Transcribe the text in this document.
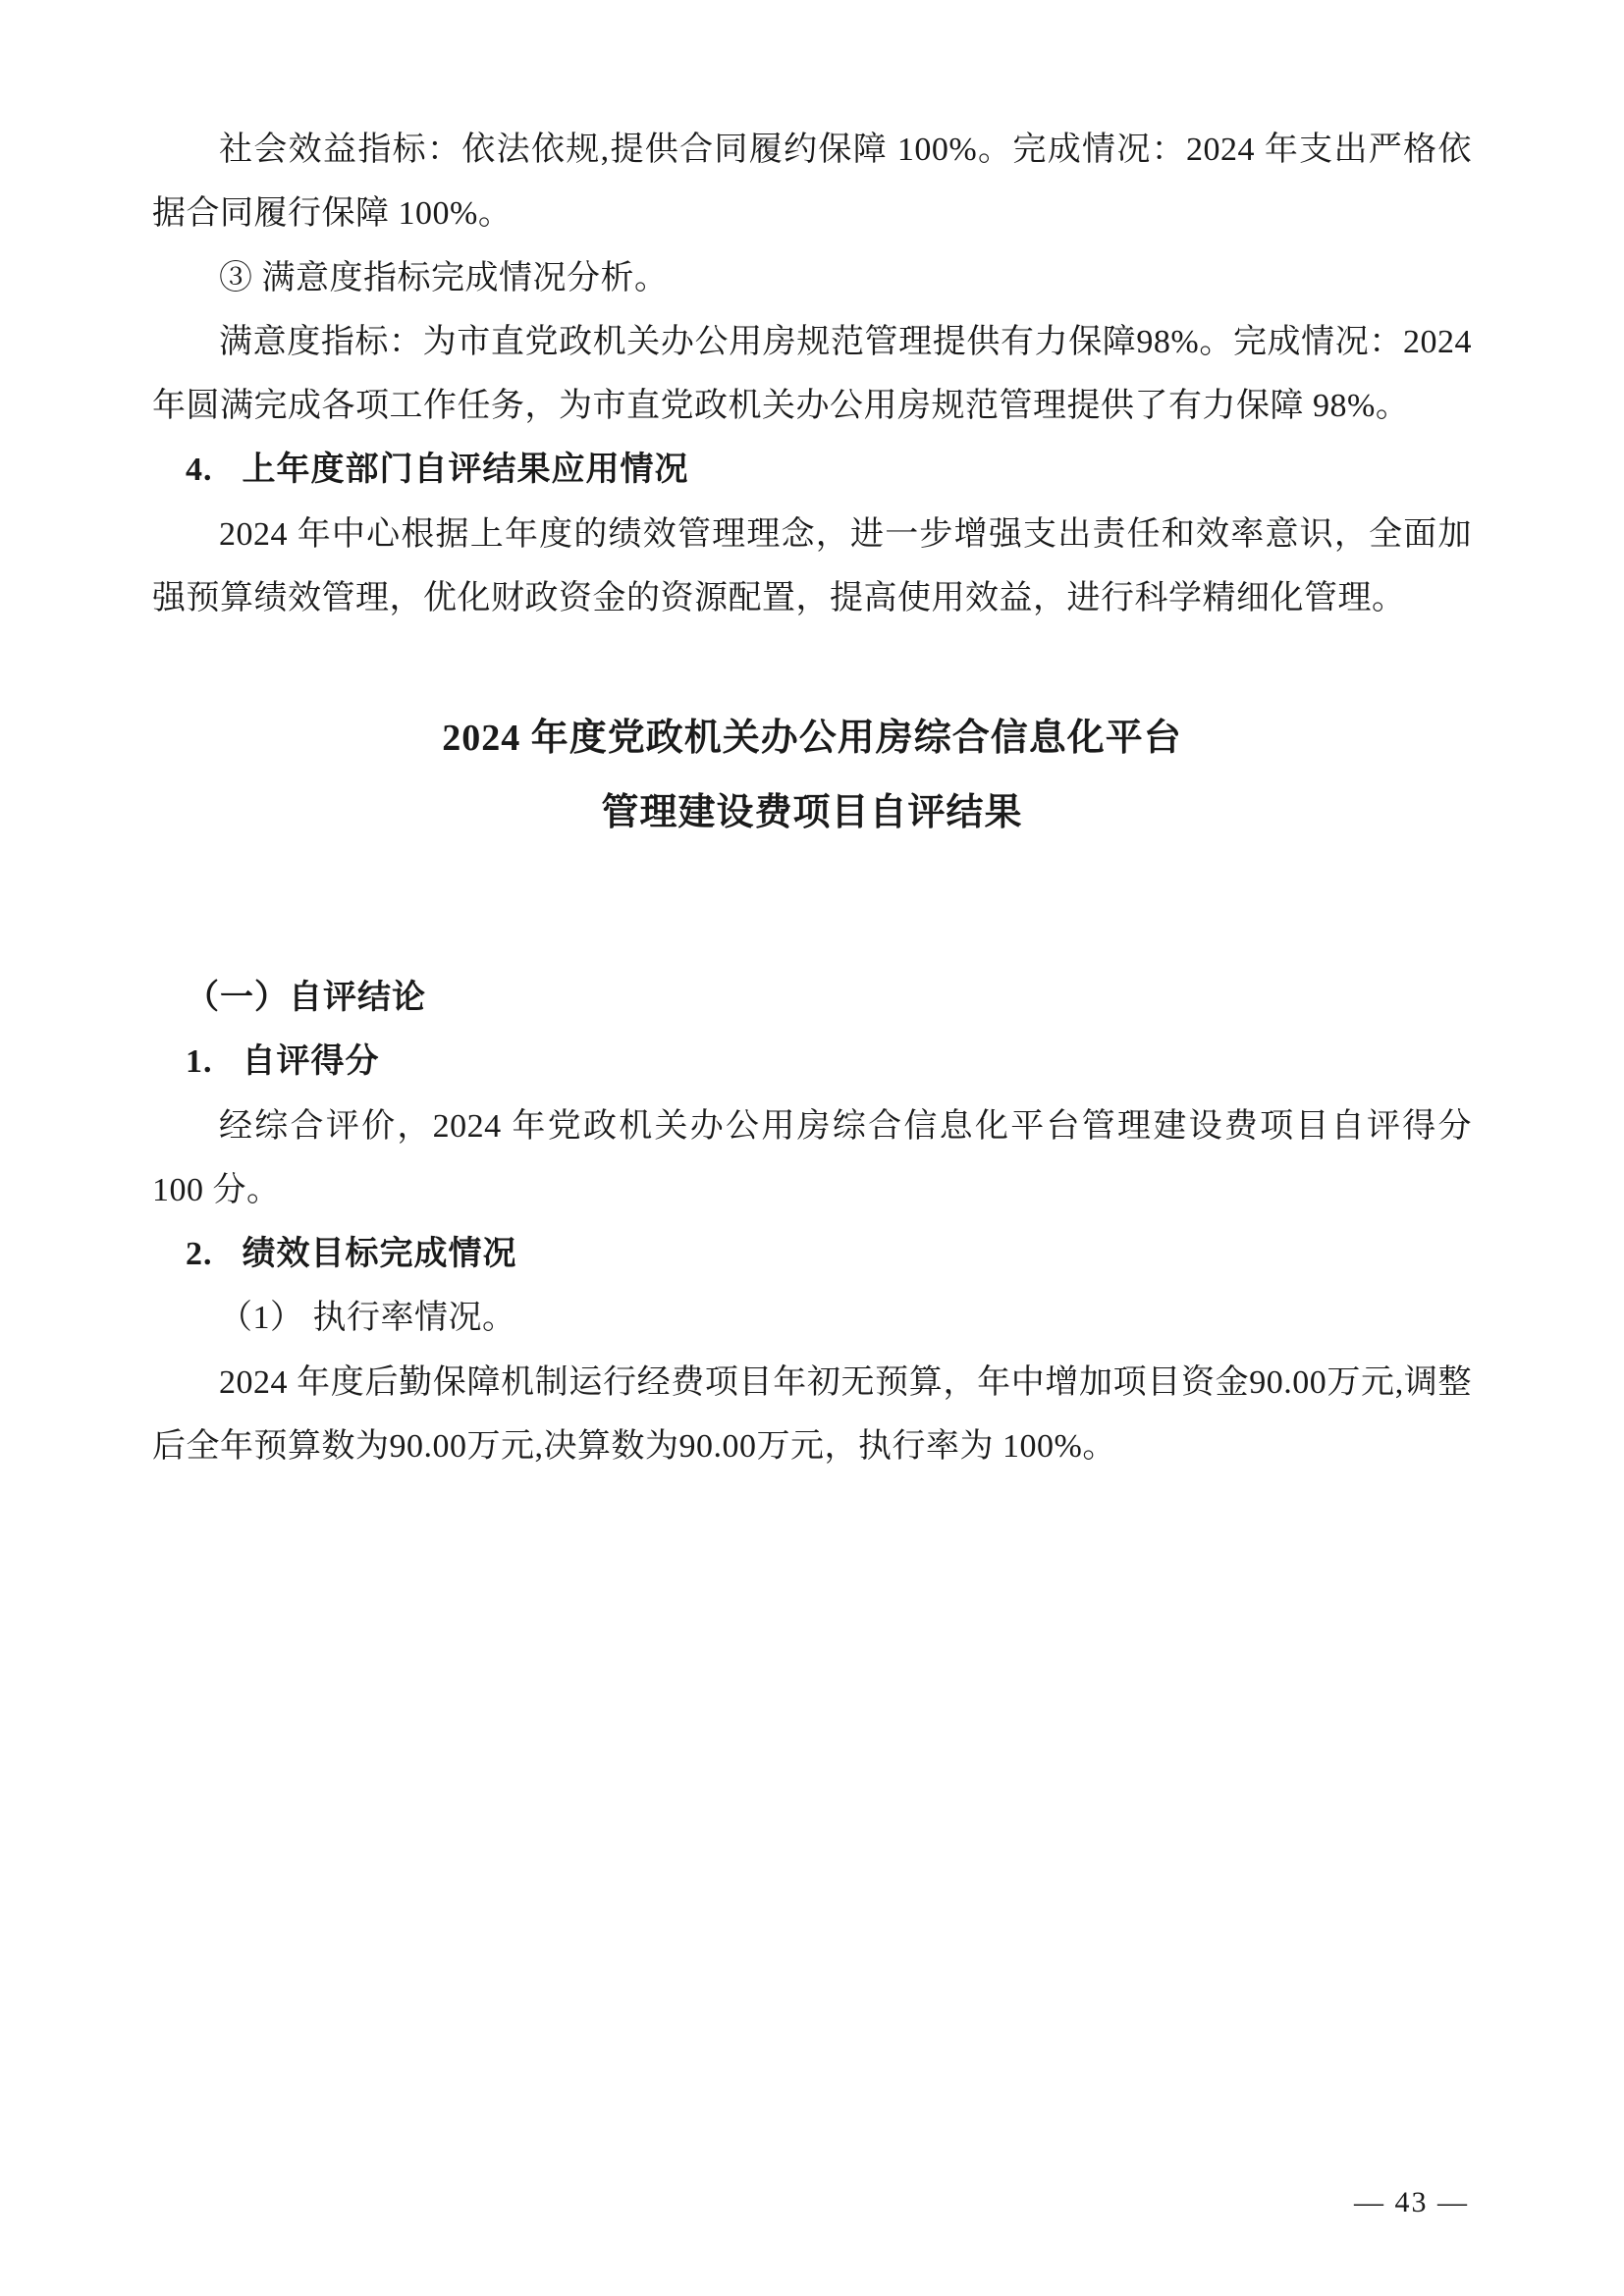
社会效益指标：依法依规,提供合同履约保障 100%。完成情况：2024 年支出严格依据合同履行保障 100%。

③ 满意度指标完成情况分析。

满意度指标：为市直党政机关办公用房规范管理提供有力保障98%。完成情况：2024 年圆满完成各项工作任务，为市直党政机关办公用房规范管理提供了有力保障 98%。

4. 上年度部门自评结果应用情况

2024 年中心根据上年度的绩效管理理念，进一步增强支出责任和效率意识，全面加强预算绩效管理，优化财政资金的资源配置，提高使用效益，进行科学精细化管理。

2024 年度党政机关办公用房综合信息化平台

管理建设费项目自评结果

（一）自评结论

1. 自评得分

经综合评价，2024 年党政机关办公用房综合信息化平台管理建设费项目自评得分 100 分。

2. 绩效目标完成情况

（1） 执行率情况。

2024 年度后勤保障机制运行经费项目年初无预算，年中增加项目资金90.00万元,调整后全年预算数为90.00万元,决算数为90.00万元，执行率为 100%。

— 43 —
